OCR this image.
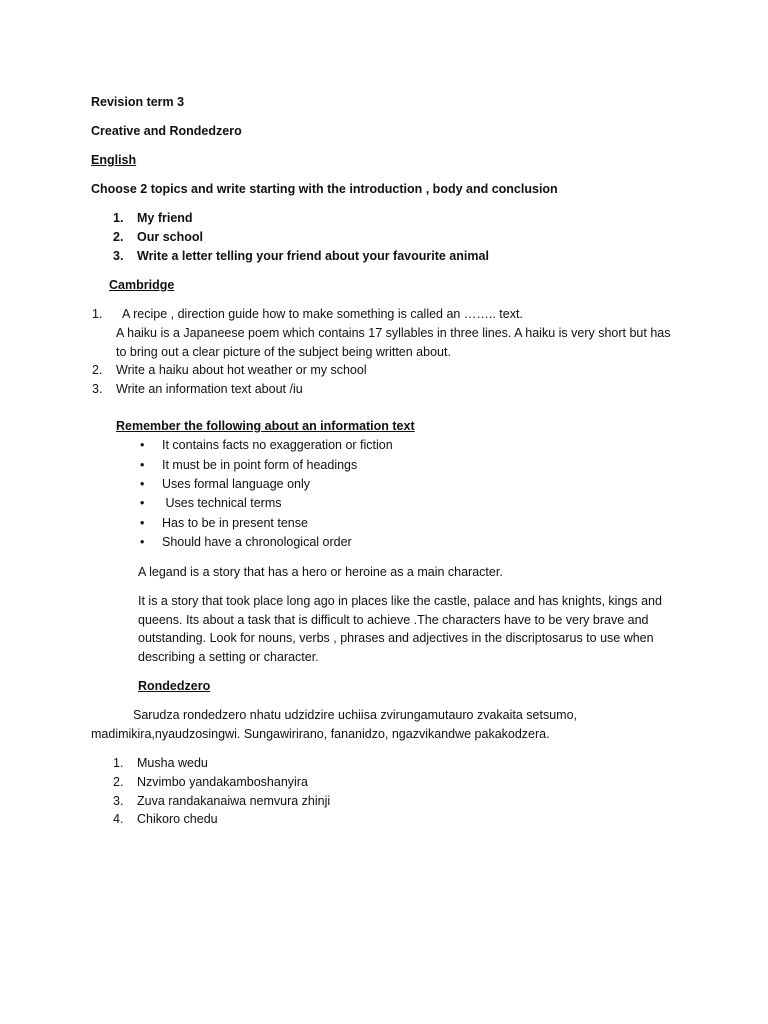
Revision term 3
Creative and Rondedzero
English
Choose 2 topics and write starting with the introduction , body and conclusion
1. My friend
2. Our school
3. Write a letter telling your friend about your favourite animal
Cambridge
1. A recipe , direction guide how to make something is called an …….. text.
A haiku is a Japaneese poem which contains 17 syllables in three lines. A haiku is very short but has
to bring out a clear picture of the subject being written about.
2. Write a haiku about hot weather or my school
3. Write an information text about /iu
Remember the following about an information text
• It contains facts no exaggeration or fiction
• It must be in point form of headings
• Uses formal language only
• Uses technical terms
• Has to be in present tense
• Should have a chronological order
A legand is a story that has a hero or heroine as a main character.
It is a story that took place long ago in places like the castle, palace and has knights, kings and
queens. Its about a task that is difficult to achieve .The characters have to be very brave and
outstanding. Look for nouns, verbs , phrases and adjectives in the discriptosarus to use when
describing a setting or character.
Rondedzero
Sarudza rondedzero nhatu udzidzire uchiisa zvirungamutauro zvakaita setsumo,
madimikira,nyaudzosingwi. Sungawirirano, fananidzo, ngazvikandwe pakakodzera.
1. Musha wedu
2. Nzvimbo yandakamboshanyira
3. Zuva randakanaiwa nemvura zhinji
4. Chikoro chedu
